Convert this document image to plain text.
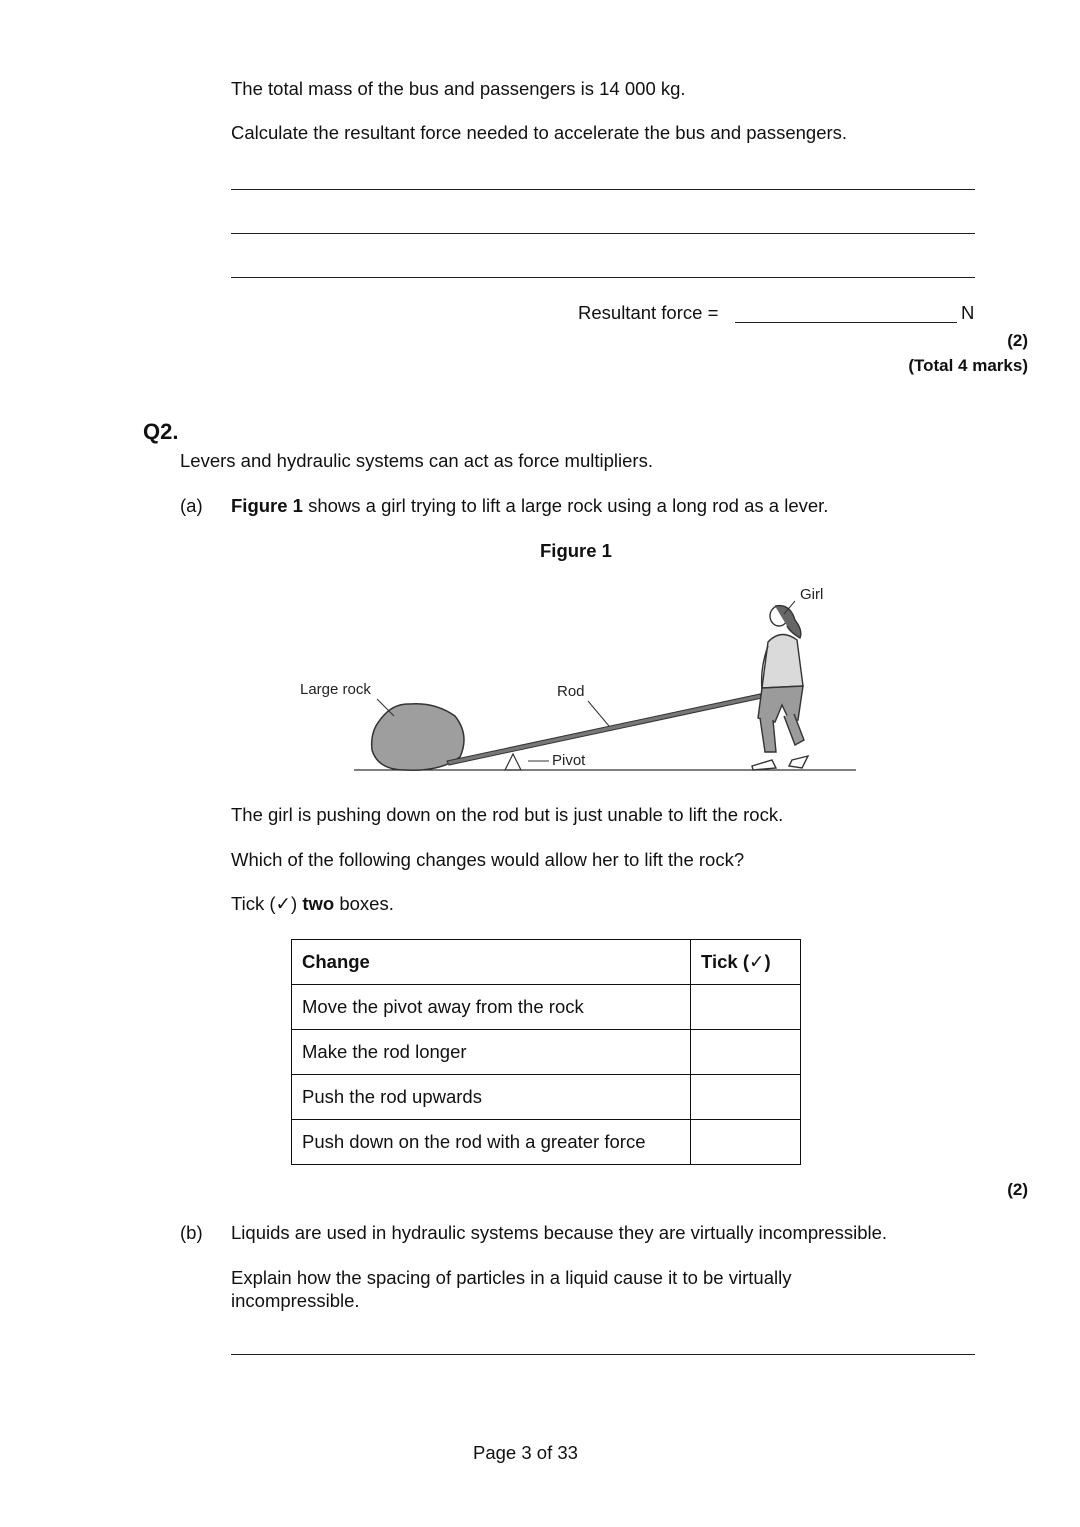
The total mass of the bus and passengers is 14 000 kg.
Calculate the resultant force needed to accelerate the bus and passengers.
Resultant force =	N
(2)
(Total 4 marks)
Q2.
Levers and hydraulic systems can act as force multipliers.
(a) Figure 1 shows a girl trying to lift a large rock using a long rod as a lever.
Figure 1
Girl
Large rock	Rod
Pivot
The girl is pushing down on the rod but is just unable to lift the rock.
Which of the following changes would allow her to lift the rock?
Tick (✓) two boxes.
Change	Tick (✓)
Move the pivot away from the rock	
Make the rod longer	
Push the rod upwards	
Push down on the rod with a greater force	
(2)
(b) Liquids are used in hydraulic systems because they are virtually incompressible.
Explain how the spacing of particles in a liquid cause it to be virtually
incompressible.
Page 3 of 33
